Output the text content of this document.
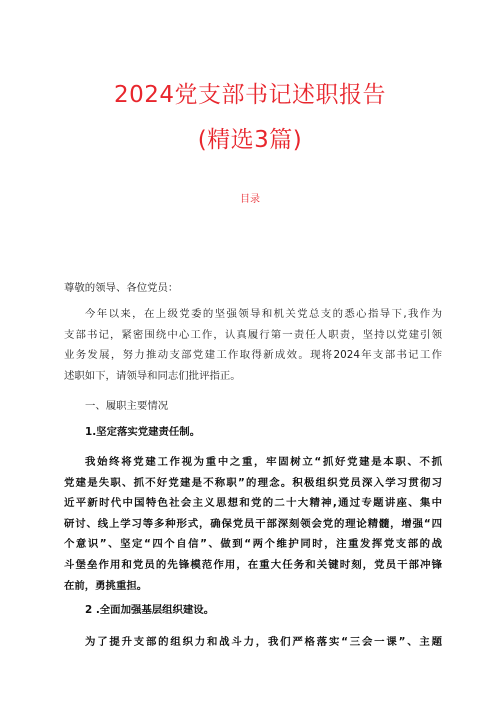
2024党支部书记述职报告
(精选3篇)
目录
尊敬的领导、各位党员：
今年以来，在上级党委的坚强领导和机关党总支的悉心指导下,我作为
支部书记，紧密围绕中心工作，认真履行第一责任人职责，坚持以党建引领
业务发展，努力推动支部党建工作取得新成效。现将2024年支部书记工作
述职如下，请领导和同志们批评指正。
一、履职主要情况
1.坚定落实党建责任制。
我始终将党建工作视为重中之重，牢固树立“抓好党建是本职、不抓
党建是失职、抓不好党建是不称职”的理念。积极组织党员深入学习贯彻习
近平新时代中国特色社会主义思想和党的二十大精神,通过专题讲座、集中
研讨、线上学习等多种形式，确保党员干部深刻领会党的理论精髓，增强“四
个意识”、坚定“四个自信”、做到“两个维护同时，注重发挥党支部的战
斗堡垒作用和党员的先锋模范作用，在重大任务和关键时刻，党员干部冲锋
在前，勇挑重担。
2 .全面加强基层组织建设。
为了提升支部的组织力和战斗力，我们严格落实“三会一课”、主题
